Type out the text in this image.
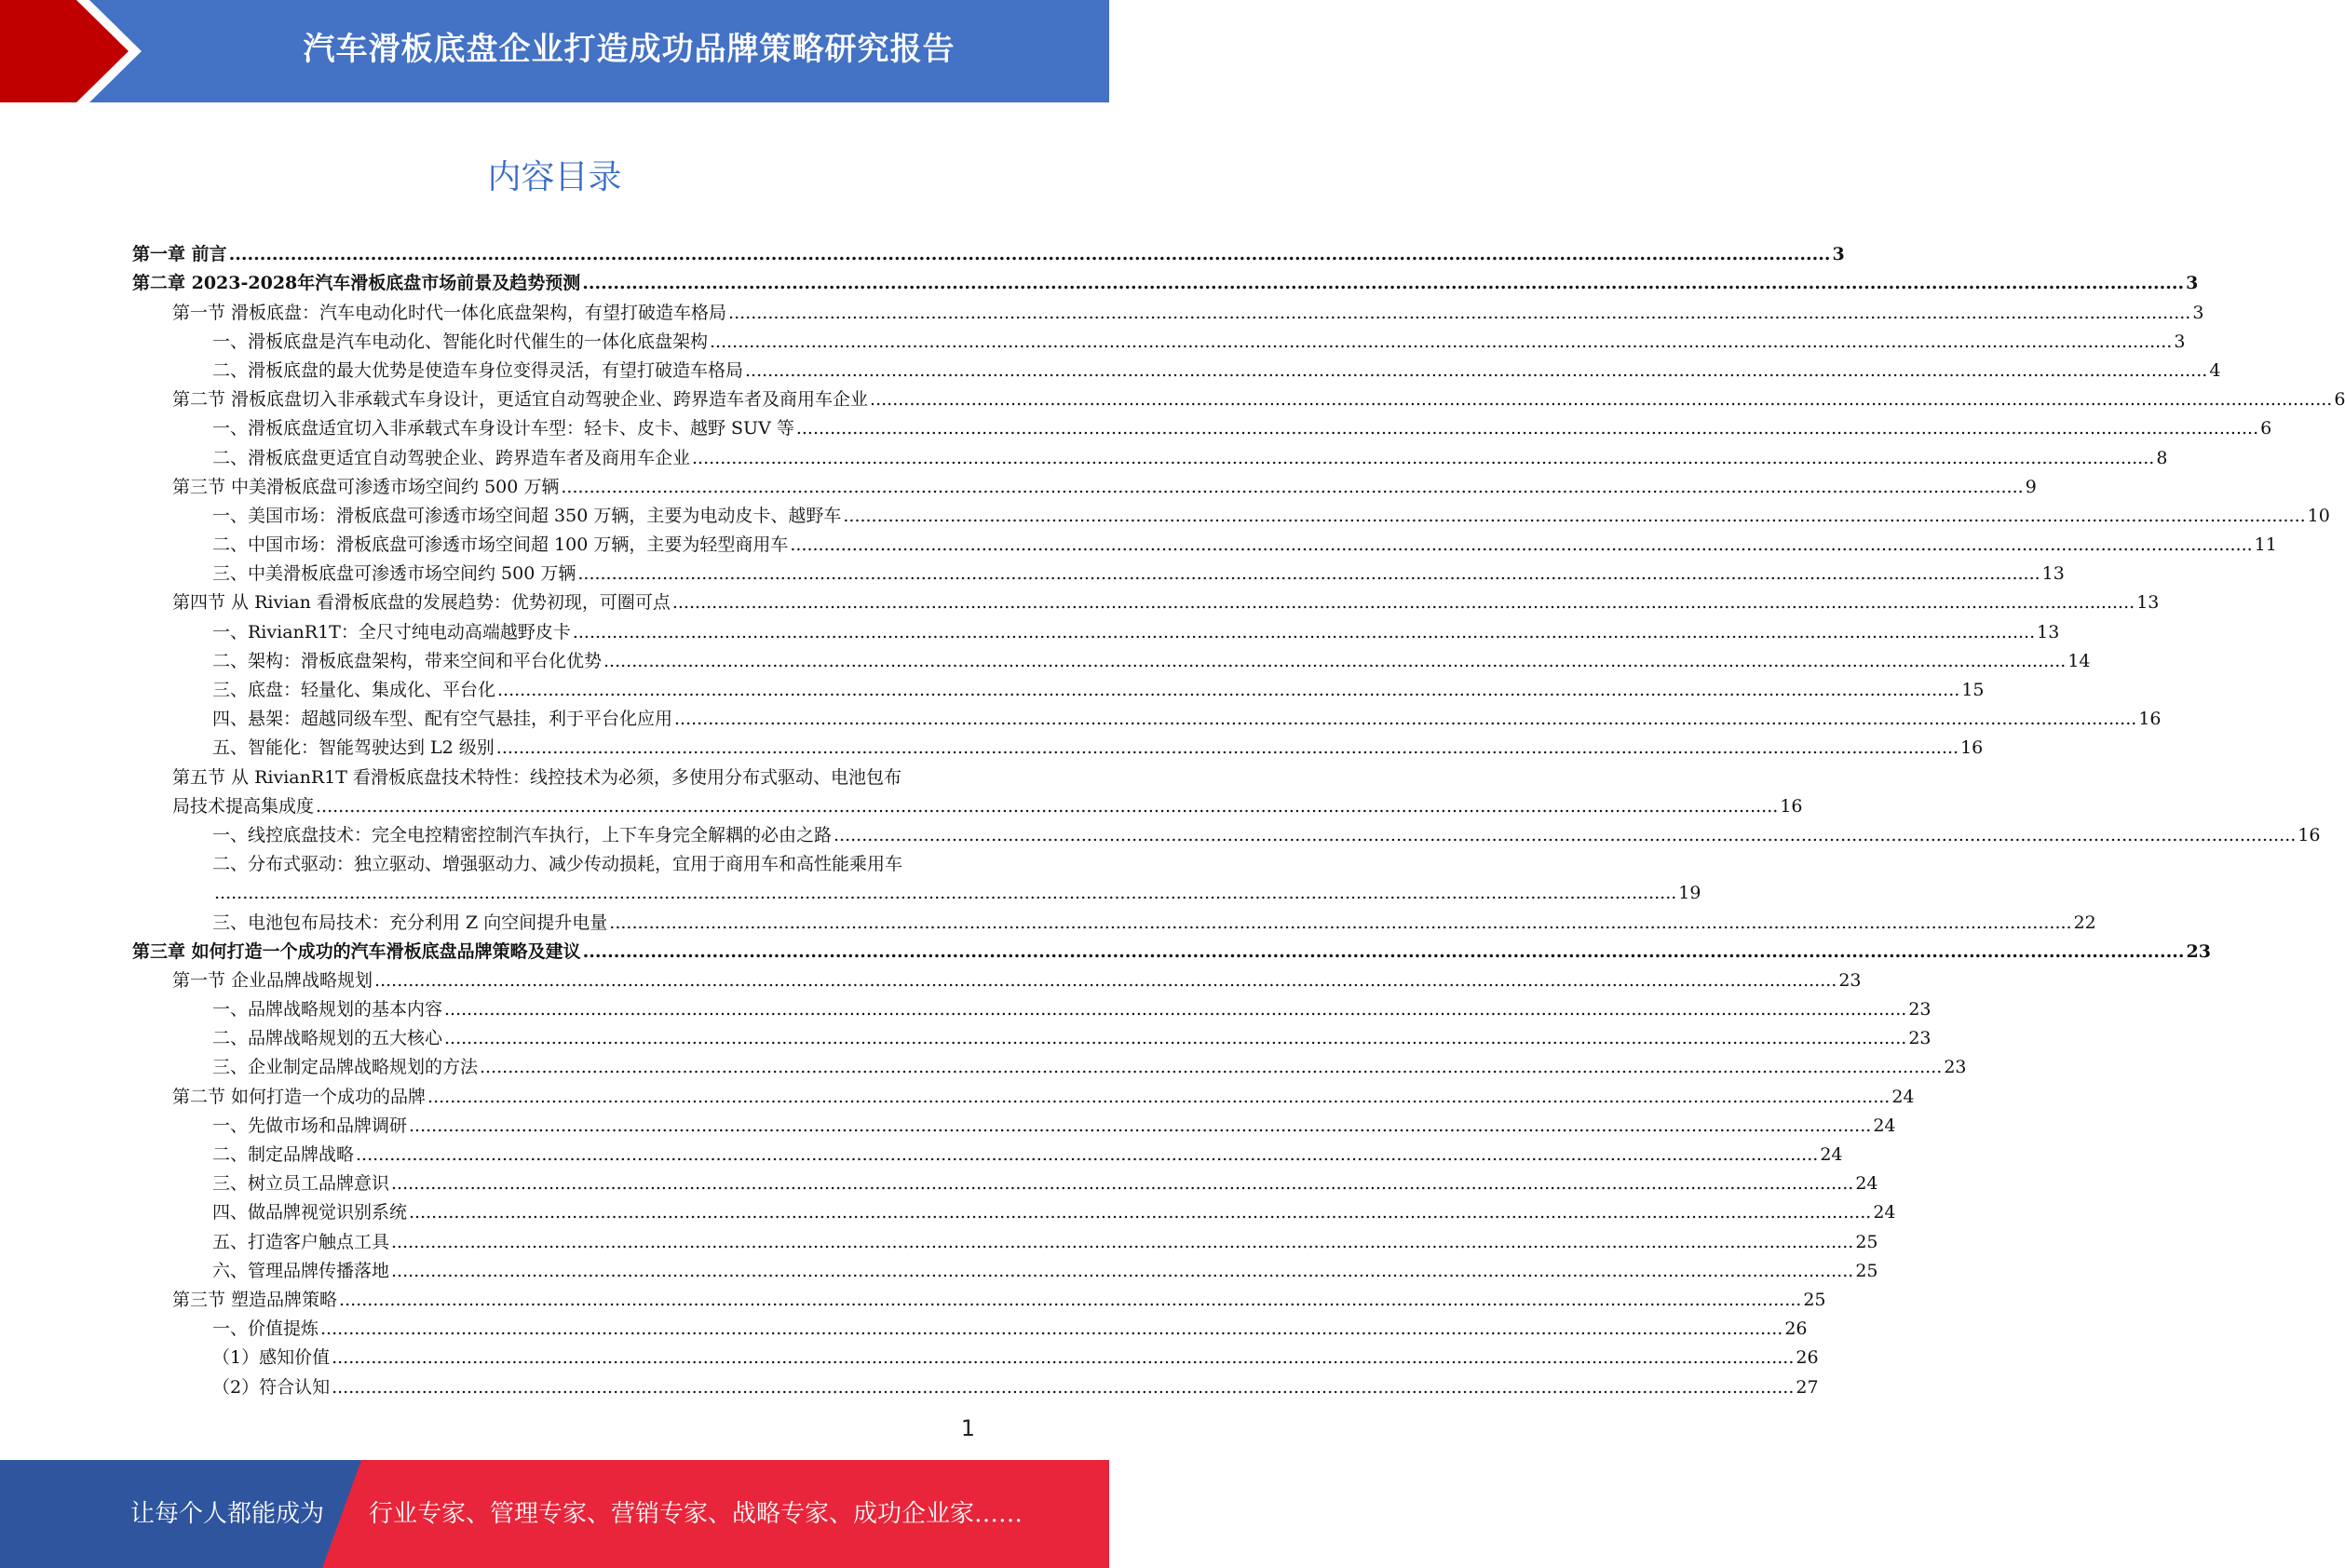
汽车滑板底盘企业打造成功品牌策略研究报告
内容目录
第一章 前言 .................................................................................................................................................................................................................................................................... 3
第二章 2023-2028年汽车滑板底盘市场前景及趋势预测 .................................................................................................................................................................................................................................................................... 3
第一节 滑板底盘：汽车电动化时代一体化底盘架构，有望打破造车格局 .................................................................................................................................................................................................................................................................... 3
一、滑板底盘是汽车电动化、智能化时代催生的一体化底盘架构 .................................................................................................................................................................................................................................................................... 3
二、滑板底盘的最大优势是使造车身位变得灵活，有望打破造车格局 .................................................................................................................................................................................................................................................................... 4
第二节 滑板底盘切入非承载式车身设计，更适宜自动驾驶企业、跨界造车者及商用车企业 .................................................................................................................................................................................................................................................................... 6
一、滑板底盘适宜切入非承载式车身设计车型：轻卡、皮卡、越野 SUV 等 .................................................................................................................................................................................................................................................................... 6
二、滑板底盘更适宜自动驾驶企业、跨界造车者及商用车企业 .................................................................................................................................................................................................................................................................... 8
第三节 中美滑板底盘可渗透市场空间约 500 万辆 .................................................................................................................................................................................................................................................................... 9
一、美国市场：滑板底盘可渗透市场空间超 350 万辆，主要为电动皮卡、越野车 .................................................................................................................................................................................................................................................................... 10
二、中国市场：滑板底盘可渗透市场空间超 100 万辆，主要为轻型商用车 .................................................................................................................................................................................................................................................................... 11
三、中美滑板底盘可渗透市场空间约 500 万辆 .................................................................................................................................................................................................................................................................... 13
第四节 从 Rivian 看滑板底盘的发展趋势：优势初现，可圈可点 .................................................................................................................................................................................................................................................................... 13
一、RivianR1T：全尺寸纯电动高端越野皮卡 .................................................................................................................................................................................................................................................................... 13
二、架构：滑板底盘架构，带来空间和平台化优势 .................................................................................................................................................................................................................................................................... 14
三、底盘：轻量化、集成化、平台化 .................................................................................................................................................................................................................................................................... 15
四、悬架：超越同级车型、配有空气悬挂，利于平台化应用 .................................................................................................................................................................................................................................................................... 16
五、智能化：智能驾驶达到 L2 级别 .................................................................................................................................................................................................................................................................... 16
第五节 从 RivianR1T 看滑板底盘技术特性：线控技术为必须，多使用分布式驱动、电池包布
局技术提高集成度 .................................................................................................................................................................................................................................................................... 16
一、线控底盘技术：完全电控精密控制汽车执行，上下车身完全解耦的必由之路 .................................................................................................................................................................................................................................................................... 16
二、分布式驱动：独立驱动、增强驱动力、减少传动损耗，宜用于商用车和高性能乘用车
.................................................................................................................................................................................................................................................................... 19
三、电池包布局技术：充分利用 Z 向空间提升电量 .................................................................................................................................................................................................................................................................... 22
第三章 如何打造一个成功的汽车滑板底盘品牌策略及建议 .................................................................................................................................................................................................................................................................... 23
第一节 企业品牌战略规划 .................................................................................................................................................................................................................................................................... 23
一、品牌战略规划的基本内容 .................................................................................................................................................................................................................................................................... 23
二、品牌战略规划的五大核心 .................................................................................................................................................................................................................................................................... 23
三、企业制定品牌战略规划的方法 .................................................................................................................................................................................................................................................................... 23
第二节 如何打造一个成功的品牌 .................................................................................................................................................................................................................................................................... 24
一、先做市场和品牌调研 .................................................................................................................................................................................................................................................................... 24
二、制定品牌战略 .................................................................................................................................................................................................................................................................... 24
三、树立员工品牌意识 .................................................................................................................................................................................................................................................................... 24
四、做品牌视觉识别系统 .................................................................................................................................................................................................................................................................... 24
五、打造客户触点工具 .................................................................................................................................................................................................................................................................... 25
六、管理品牌传播落地 .................................................................................................................................................................................................................................................................... 25
第三节 塑造品牌策略 .................................................................................................................................................................................................................................................................... 25
一、价值提炼 .................................................................................................................................................................................................................................................................... 26
（1）感知价值 .................................................................................................................................................................................................................................................................... 26
（2）符合认知 .................................................................................................................................................................................................................................................................... 27
1
让每个人都能成为 行业专家、管理专家、营销专家、战略专家、成功企业家……
